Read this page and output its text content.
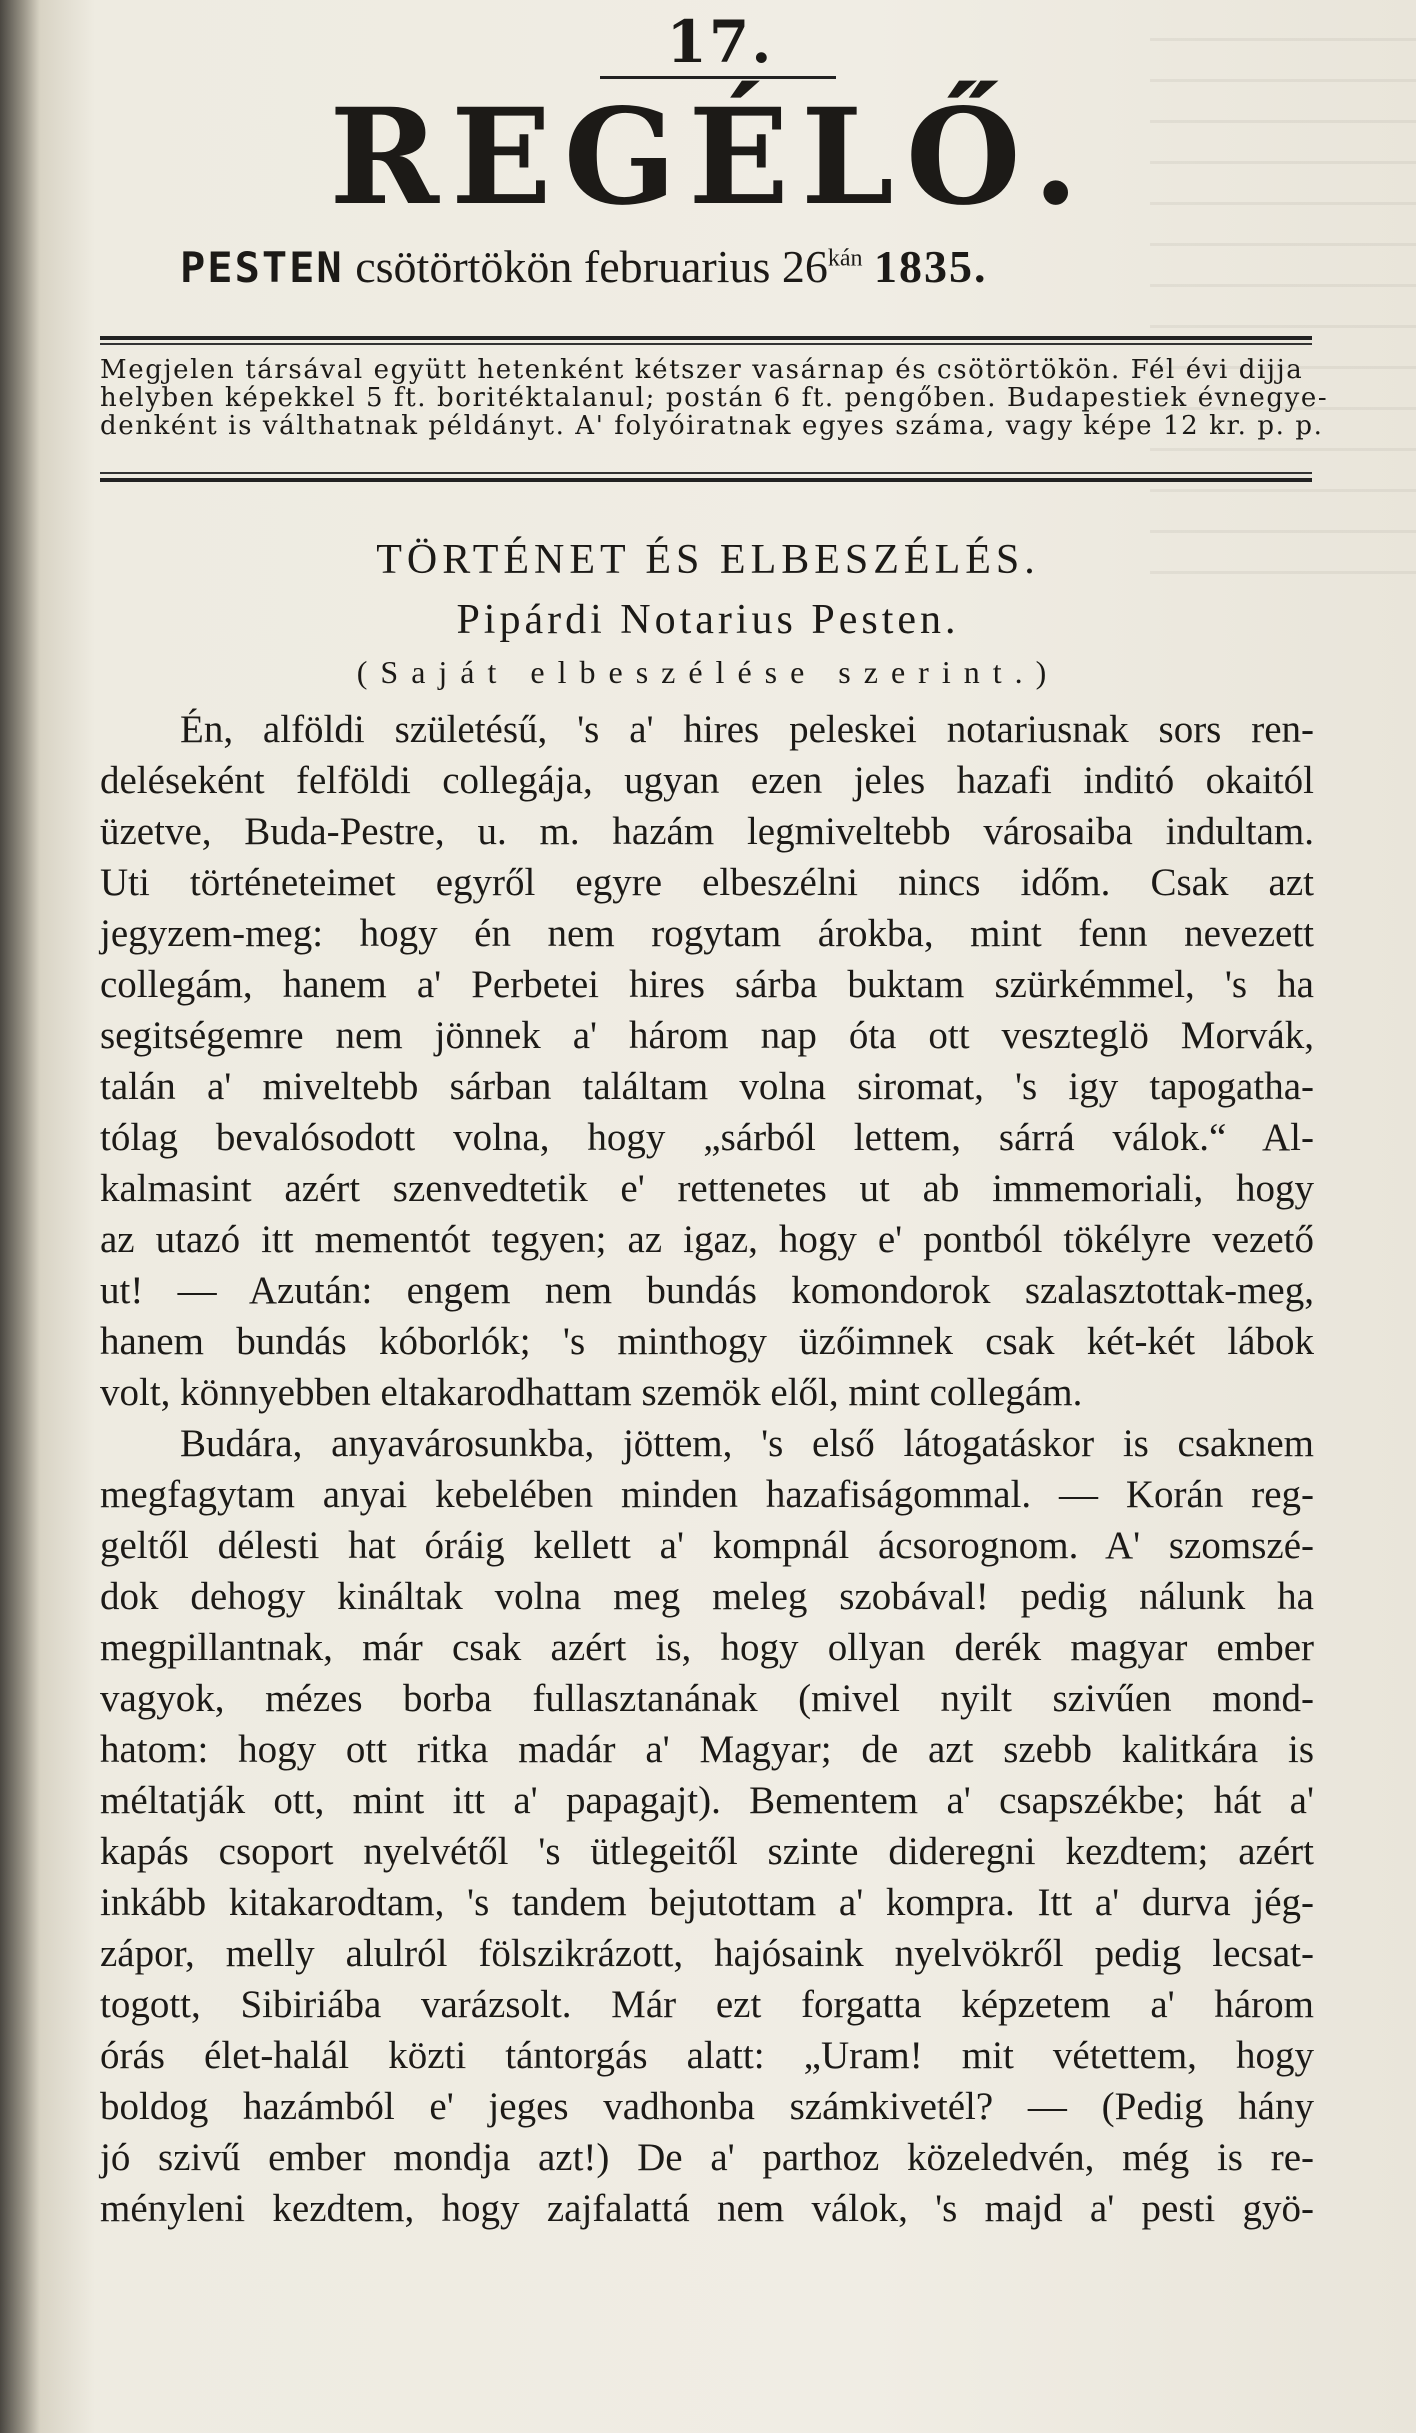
17.
REGÉLŐ.
PESTEN csötörtökön februarius $26^{kán}$ 1835.
Megjelen társával együtt hetenként kétszer vasárnap és csötörtökön. Fél évi dijja
helyben képekkel 5 ft. boritéktalanul; postán 6 ft. pengőben. Budapestiek évnegye-
denként is válthatnak példányt. A' folyóiratnak egyes száma, vagy képe 12 kr. p. p.
TÖRTÉNET ÉS ELBESZÉLÉS.
Pipárdi Notarius Pesten.
(Saját elbeszélése szerint.)
Én, alföldi születésű, 's a' hires peleskei notariusnak sors ren-
deléseként felföldi collegája, ugyan ezen jeles hazafi inditó okaitól
üzetve, Buda-Pestre, u. m. hazám legmiveltebb városaiba indultam.
Uti történeteimet egyről egyre elbeszélni nincs időm. Csak azt
jegyzem-meg: hogy én nem rogytam árokba, mint fenn nevezett
collegám, hanem a' Perbetei hires sárba buktam szürkémmel, 's ha
segitségemre nem jönnek a' három nap óta ott veszteglö Morvák,
talán a' miveltebb sárban találtam volna siromat, 's igy tapogatha-
tólag bevalósodott volna, hogy „sárból lettem, sárrá válok.“ Al-
kalmasint azért szenvedtetik e' rettenetes ut ab immemoriali, hogy
az utazó itt mementót tegyen; az igaz, hogy e' pontból tökélyre vezető
ut! — Azután: engem nem bundás komondorok szalasztottak-meg,
hanem bundás kóborlók; 's minthogy üzőimnek csak két-két lábok
volt, könnyebben eltakarodhattam szemök elől, mint collegám.
Budára, anyavárosunkba, jöttem, 's első látogatáskor is csaknem
megfagytam anyai kebelében minden hazafiságommal. — Korán reg-
geltől délesti hat óráig kellett a' kompnál ácsorognom. A' szomszé-
dok dehogy kináltak volna meg meleg szobával! pedig nálunk ha
megpillantnak, már csak azért is, hogy ollyan derék magyar ember
vagyok, mézes borba fullasztanának (mivel nyilt szivűen mond-
hatom: hogy ott ritka madár a' Magyar; de azt szebb kalitkára is
méltatják ott, mint itt a' papagajt). Bementem a' csapszékbe; hát a'
kapás csoport nyelvétől 's ütlegeitől szinte dideregni kezdtem; azért
inkább kitakarodtam, 's tandem bejutottam a' kompra. Itt a' durva jég-
zápor, melly alulról fölszikrázott, hajósaink nyelvökről pedig lecsat-
togott, Sibiriába varázsolt. Már ezt forgatta képzetem a' három
órás élet-halál közti tántorgás alatt: „Uram! mit vétettem, hogy
boldog hazámból e' jeges vadhonba számkivetél? — (Pedig hány
jó szivű ember mondja azt!) De a' parthoz közeledvén, még is re-
ményleni kezdtem, hogy zajfalattá nem válok, 's majd a' pesti gyö-
